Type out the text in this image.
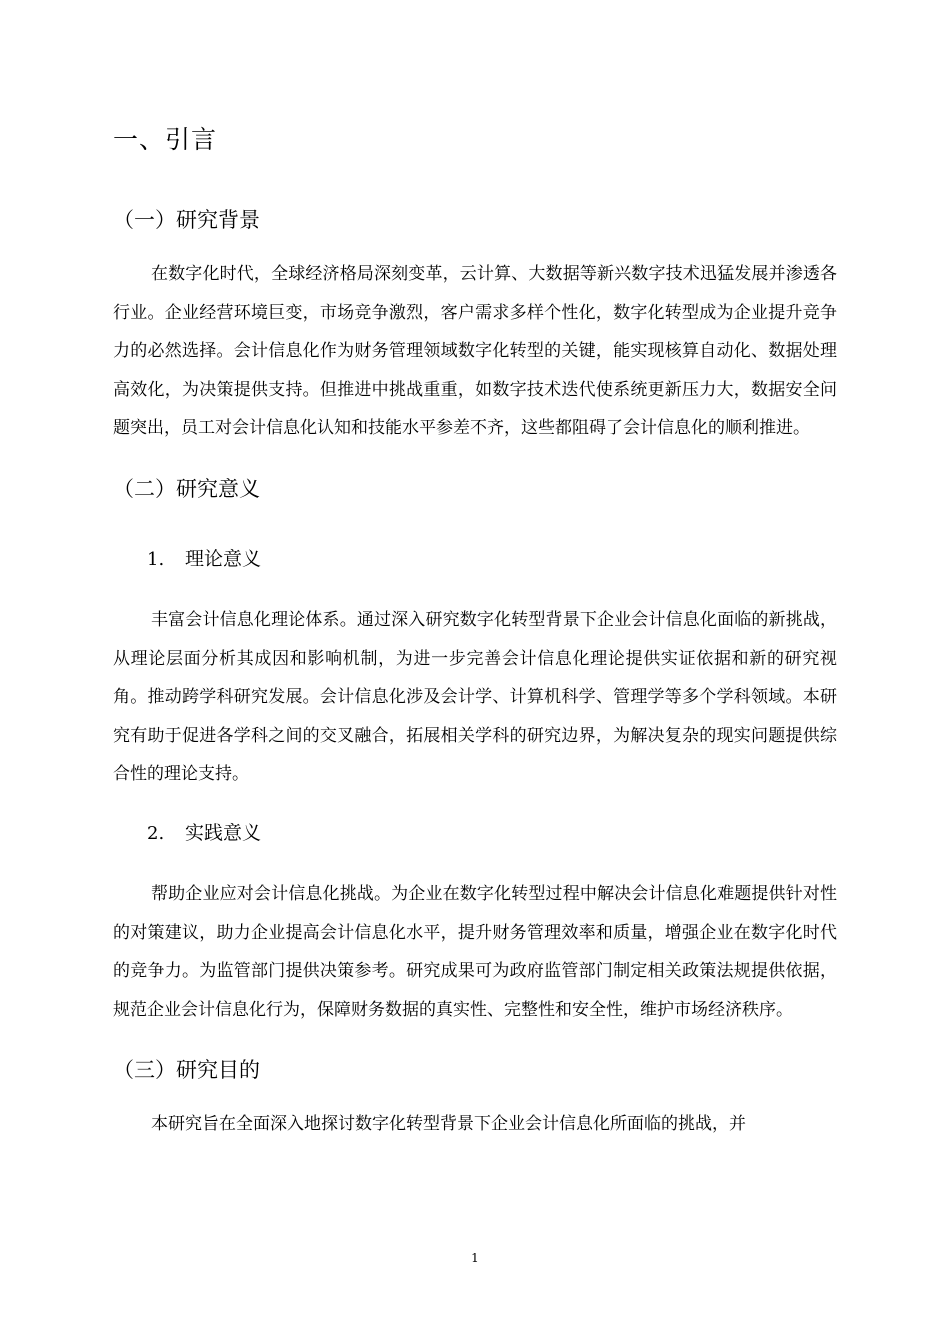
一、引言
（一）研究背景

在数字化时代，全球经济格局深刻变革，云计算、大数据等新兴数字技术迅猛发展并渗透各行业。企业经营环境巨变，市场竞争激烈，客户需求多样个性化，数字化转型成为企业提升竞争力的必然选择。会计信息化作为财务管理领域数字化转型的关键，能实现核算自动化、数据处理高效化，为决策提供支持。但推进中挑战重重，如数字技术迭代使系统更新压力大，数据安全问题突出，员工对会计信息化认知和技能水平参差不齐，这些都阻碍了会计信息化的顺利推进。

（二）研究意义
1. 理论意义

丰富会计信息化理论体系。通过深入研究数字化转型背景下企业会计信息化面临的新挑战，从理论层面分析其成因和影响机制，为进一步完善会计信息化理论提供实证依据和新的研究视角。推动跨学科研究发展。会计信息化涉及会计学、计算机科学、管理学等多个学科领域。本研究有助于促进各学科之间的交叉融合，拓展相关学科的研究边界，为解决复杂的现实问题提供综合性的理论支持。

2. 实践意义

帮助企业应对会计信息化挑战。为企业在数字化转型过程中解决会计信息化难题提供针对性的对策建议，助力企业提高会计信息化水平，提升财务管理效率和质量，增强企业在数字化时代的竞争力。为监管部门提供决策参考。研究成果可为政府监管部门制定相关政策法规提供依据，规范企业会计信息化行为，保障财务数据的真实性、完整性和安全性，维护市场经济秩序。

（三）研究目的

本研究旨在全面深入地探讨数字化转型背景下企业会计信息化所面临的挑战，并

1
